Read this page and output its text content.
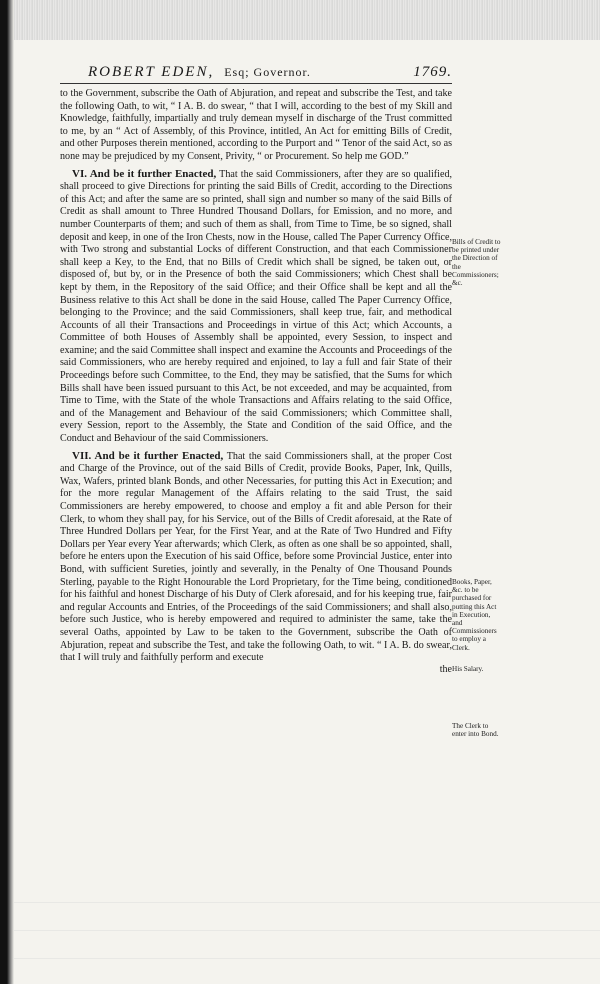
ROBERT EDEN, Esq; Governor.	1769.

to the Government, subscribe the Oath of Abjuration, and repeat and subscribe the Test, and take the following Oath, to wit, “ I A. B. do swear, “ that I will, according to the best of my Skill and Knowledge, faithfully, impartially and truly demean myself in discharge of the Trust committed to me, by an “ Act of Assembly, of this Province, intitled, An Act for emitting Bills of Credit, and other Purposes therein mentioned, according to the Purport and “ Tenor of the said Act, so as none may be prejudiced by my Consent, Privity, “ or Procurement. So help me GOD.”

VI. And be it further Enacted, That the said Commissioners, after they are so qualified, shall proceed to give Directions for printing the said Bills of Credit, according to the Directions of this Act; and after the same are so printed, shall sign and number so many of the said Bills of Credit as shall amount to Three Hundred Thousand Dollars, for Emission, and no more, and number Counterparts of them; and such of them as shall, from Time to Time, be so signed, shall deposit and keep, in one of the Iron Chests, now in the House, called The Paper Currency Office, with Two strong and substantial Locks of different Construction, and that each Commissioner shall keep a Key, to the End, that no Bills of Credit which shall be signed, be taken out, or disposed of, but by, or in the Presence of both the said Commissioners; which Chest shall be kept by them, in the Repository of the said Office; and their Office shall be kept and all the Business relative to this Act shall be done in the said House, called The Paper Currency Office, belonging to the Province; and the said Commissioners, shall keep true, fair, and methodical Accounts of all their Transactions and Proceedings in virtue of this Act; which Accounts, a Committee of both Houses of Assembly shall be appointed, every Session, to inspect and examine; and the said Committee shall inspect and examine the Accounts and Proceedings of the said Commissioners, who are hereby required and enjoined, to lay a full and fair State of their Proceedings before such Committee, to the End, they may be satisfied, that the Sums for which Bills shall have been issued pursuant to this Act, be not exceeded, and may be acquainted, from Time to Time, with the State of the whole Transactions and Affairs relating to the said Office, and of the Management and Behaviour of the said Commissioners; which Committee shall, every Session, report to the Assembly, the State and Condition of the said Office, and the Conduct and Behaviour of the said Commissioners.

VII. And be it further Enacted, That the said Commissioners shall, at the proper Cost and Charge of the Province, out of the said Bills of Credit, provide Books, Paper, Ink, Quills, Wax, Wafers, printed blank Bonds, and other Necessaries, for putting this Act in Execution; and for the more regular Management of the Affairs relating to the said Trust, the said Commissioners are hereby empowered, to choose and employ a fit and able Person for their Clerk, to whom they shall pay, for his Service, out of the Bills of Credit aforesaid, at the Rate of Three Hundred Dollars per Year, for the First Year, and at the Rate of Two Hundred and Fifty Dollars per Year every Year afterwards; which Clerk, as often as one shall be so appointed, shall, before he enters upon the Execution of his said Office, before some Provincial Justice, enter into Bond, with sufficient Sureties, jointly and severally, in the Penalty of One Thousand Pounds Sterling, payable to the Right Honourable the Lord Proprietary, for the Time being, conditioned for his faithful and honest Discharge of his Duty of Clerk aforesaid, and for his keeping true, fair and regular Accounts and Entries, of the Proceedings of the said Commissioners; and shall also, before such Justice, who is hereby empowered and required to administer the same, take the several Oaths, appointed by Law to be taken to the Government, subscribe the Oath of Abjuration, repeat and subscribe the Test, and take the following Oath, to wit. “ I A. B. do swear, that I will truly and faithfully perform and execute

the
Bills of Credit to be printed under the Direction of the Commissioners; &c.
Books, Paper, &c. to be purchased for putting this Act in Execution, and Commissioners to employ a Clerk.
His Salary.
The Clerk to enter into Bond.
